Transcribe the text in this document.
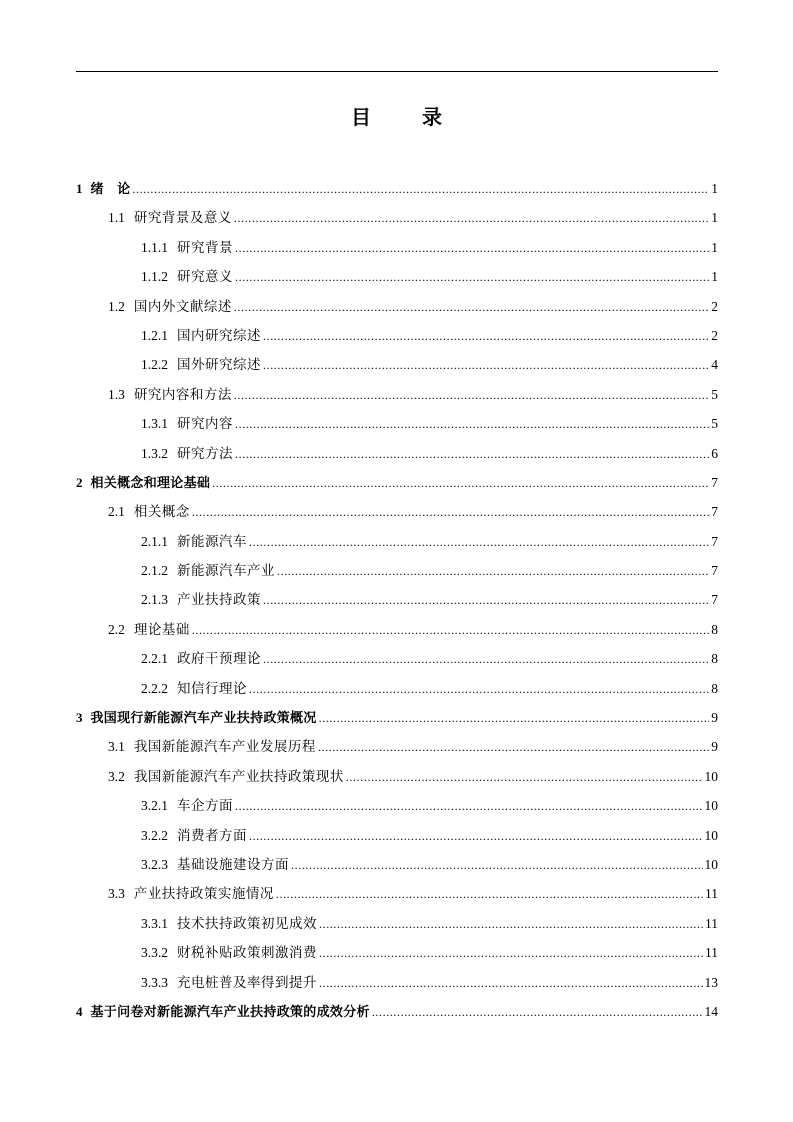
目 录
1 绪　论 .....	1
1.1 研究背景及意义 .....	1
1.1.1 研究背景 .....	1
1.1.2 研究意义 .....	1
1.2 国内外文献综述 .....	2
1.2.1 国内研究综述 .....	2
1.2.2 国外研究综述 .....	4
1.3 研究内容和方法 .....	5
1.3.1 研究内容 .....	5
1.3.2 研究方法 .....	6
2 相关概念和理论基础 .....	7
2.1 相关概念 .....	7
2.1.1 新能源汽车 .....	7
2.1.2 新能源汽车产业 .....	7
2.1.3 产业扶持政策 .....	7
2.2 理论基础 .....	8
2.2.1 政府干预理论 .....	8
2.2.2 知信行理论 .....	8
3 我国现行新能源汽车产业扶持政策概况 .....	9
3.1 我国新能源汽车产业发展历程 .....	9
3.2 我国新能源汽车产业扶持政策现状 .....	10
3.2.1 车企方面 .....	10
3.2.2 消费者方面 .....	10
3.2.3 基础设施建设方面 .....	10
3.3 产业扶持政策实施情况 .....	11
3.3.1 技术扶持政策初见成效 .....	11
3.3.2 财税补贴政策刺激消费 .....	11
3.3.3 充电桩普及率得到提升 .....	13
4 基于问卷对新能源汽车产业扶持政策的成效分析 .....	14
